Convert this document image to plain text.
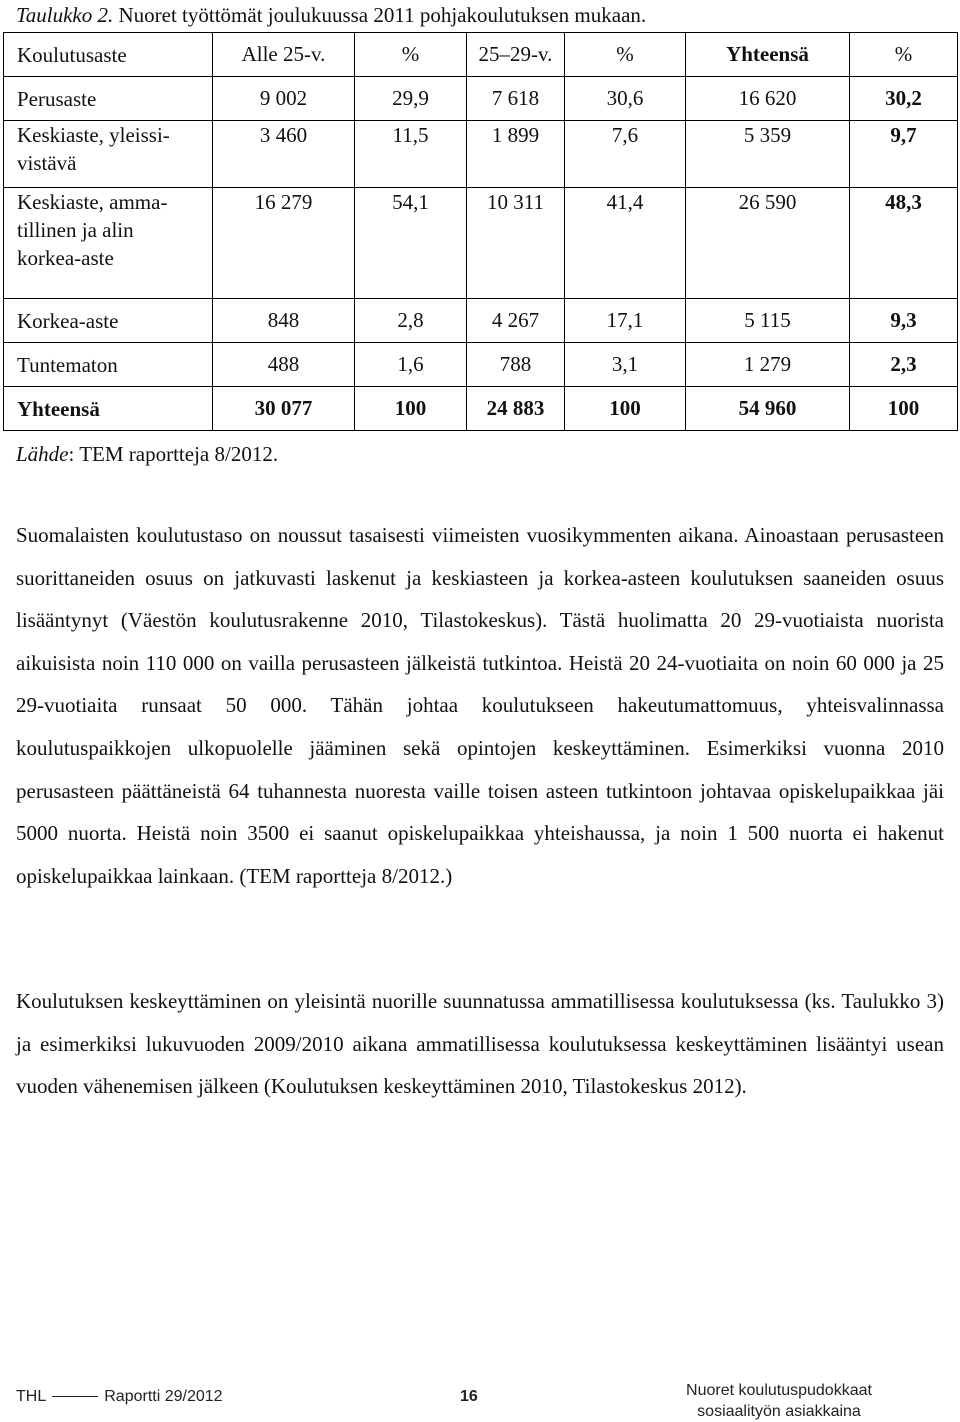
Taulukko 2. Nuoret työttömät joulukuussa 2011 pohjakoulutuksen mukaan.
Koulutusaste	Alle 25-v.	%	25–29-v.	%	Yhteensä	%
Perusaste	9 002	29,9	7 618	30,6	16 620	30,2

Keskiaste, yleissi-
vistävä	3 460	11,5	1 899	7,6	5 359	9,7

Keskiaste, amma-
tillinen ja alin
korkea-aste	16 279	54,1	10 311	41,4	26 590	48,3

Korkea-aste	848	2,8	4 267	17,1	5 115	9,3
Tuntematon	488	1,6	788	3,1	1 279	2,3
Yhteensä	30 077	100	24 883	100	54 960	100
Lähde: TEM raportteja 8/2012.

Suomalaisten koulutustaso on noussut tasaisesti viimeisten vuosikymmenten aikana. Ainoastaan perusasteen suorittaneiden osuus on jatkuvasti laskenut ja keskiasteen ja korkea-asteen koulutuksen saaneiden osuus lisääntynyt (Väestön koulutusrakenne 2010, Tilastokeskus). Tästä huolimatta 20 29-vuotiaista nuorista aikuisista noin 110 000 on vailla perusasteen jälkeistä tutkintoa. Heistä 20 24-vuotiaita on noin 60 000 ja 25 29-vuotiaita runsaat 50 000. Tähän johtaa koulutukseen hakeutumattomuus, yhteisvalinnassa koulutuspaikkojen ulkopuolelle jääminen sekä opintojen keskeyttäminen. Esimerkiksi vuonna 2010 perusasteen päättäneistä 64 tuhannesta nuoresta vaille toisen asteen tutkintoon johtavaa opiskelupaikkaa jäi 5000 nuorta. Heistä noin 3500 ei saanut opiskelupaikkaa yhteishaussa, ja noin 1 500 nuorta ei hakenut opiskelupaikkaa lainkaan. (TEM raportteja 8/2012.)

Koulutuksen keskeyttäminen on yleisintä nuorille suunnatussa ammatillisessa koulutuksessa (ks. Taulukko 3) ja esimerkiksi lukuvuoden 2009/2010 aikana ammatillisessa koulutuksessa keskeyttäminen lisääntyi usean vuoden vähenemisen jälkeen (Koulutuksen keskeyttäminen 2010, Tilastokeskus 2012).

THL	Raportti 29/2012	16	Nuoret koulutuspudokkaat
sosiaalityön asiakkaina
